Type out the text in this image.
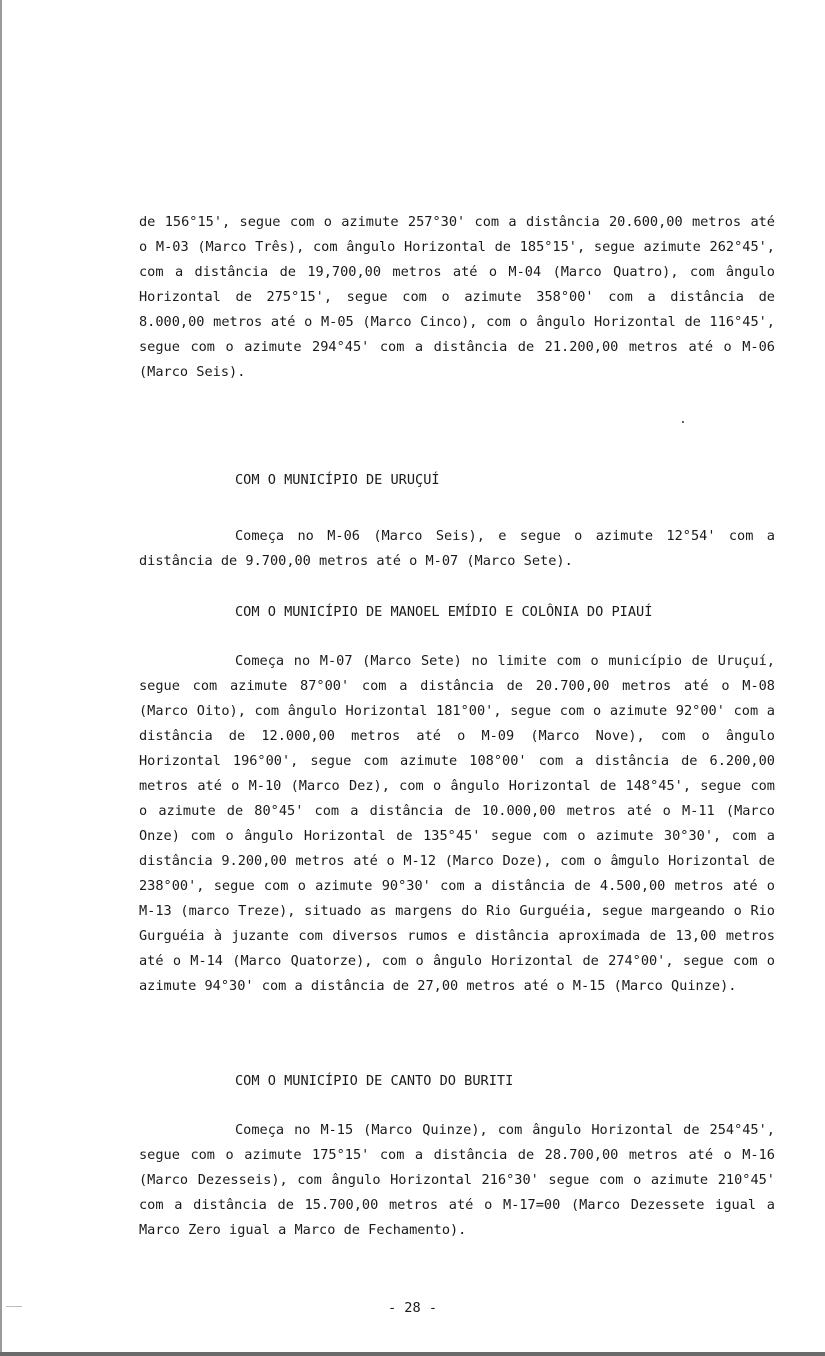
de 156°15', segue com o azimute 257°30' com a distância 20.600,00 metros até o M-03 (Marco Três), com ângulo Horizontal de 185°15', segue azimute 262°45', com a distância de 19,700,00 metros até o M-04 (Marco Quatro), com ângulo Horizontal de 275°15', segue com o azimute 358°00' com a distância de 8.000,00 metros até o M-05 (Marco Cinco), com o ângulo Horizontal de 116°45', segue com o azimute 294°45' com a distância de 21.200,00 metros até o M-06 (Marco Seis).

COM O MUNICÍPIO DE URUÇUÍ

Começa no M-06 (Marco Seis), e segue o azimute 12°54' com a distância de 9.700,00 metros até o M-07 (Marco Sete).

COM O MUNICÍPIO DE MANOEL EMÍDIO E COLÔNIA DO PIAUÍ

Começa no M-07 (Marco Sete) no limite com o município de Uruçuí, segue com azimute 87°00' com a distância de 20.700,00 metros até o M-08 (Marco Oito), com ângulo Horizontal 181°00', segue com o azimute 92°00' com a distância de 12.000,00 metros até o M-09 (Marco Nove), com o ângulo Horizontal 196°00', segue com azimute 108°00' com a distância de 6.200,00 metros até o M-10 (Marco Dez), com o ângulo Horizontal de 148°45', segue com o azimute de 80°45' com a distância de 10.000,00 metros até o M-11 (Marco Onze) com o ângulo Horizontal de 135°45' segue com o azimute 30°30', com a distância 9.200,00 metros até o M-12 (Marco Doze), com o âmgulo Horizontal de 238°00', segue com o azimute 90°30' com a distância de 4.500,00 metros até o M-13 (marco Treze), situado as margens do Rio Gurguéia, segue margeando o Rio Gurguéia à juzante com diversos rumos e distância aproximada de 13,00 metros até o M-14 (Marco Quatorze), com o ângulo Horizontal de 274°00', segue com o azimute 94°30' com a distância de 27,00 metros até o M-15 (Marco Quinze).

COM O MUNICÍPIO DE CANTO DO BURITI

Começa no M-15 (Marco Quinze), com ângulo Horizontal de 254°45', segue com o azimute 175°15' com a distância de 28.700,00 metros até o M-16 (Marco Dezesseis), com ângulo Horizontal 216°30' segue com o azimute 210°45' com a distância de 15.700,00 metros até o M-17=00 (Marco Dezessete igual a Marco Zero igual a Marco de Fechamento).

- 28 -
